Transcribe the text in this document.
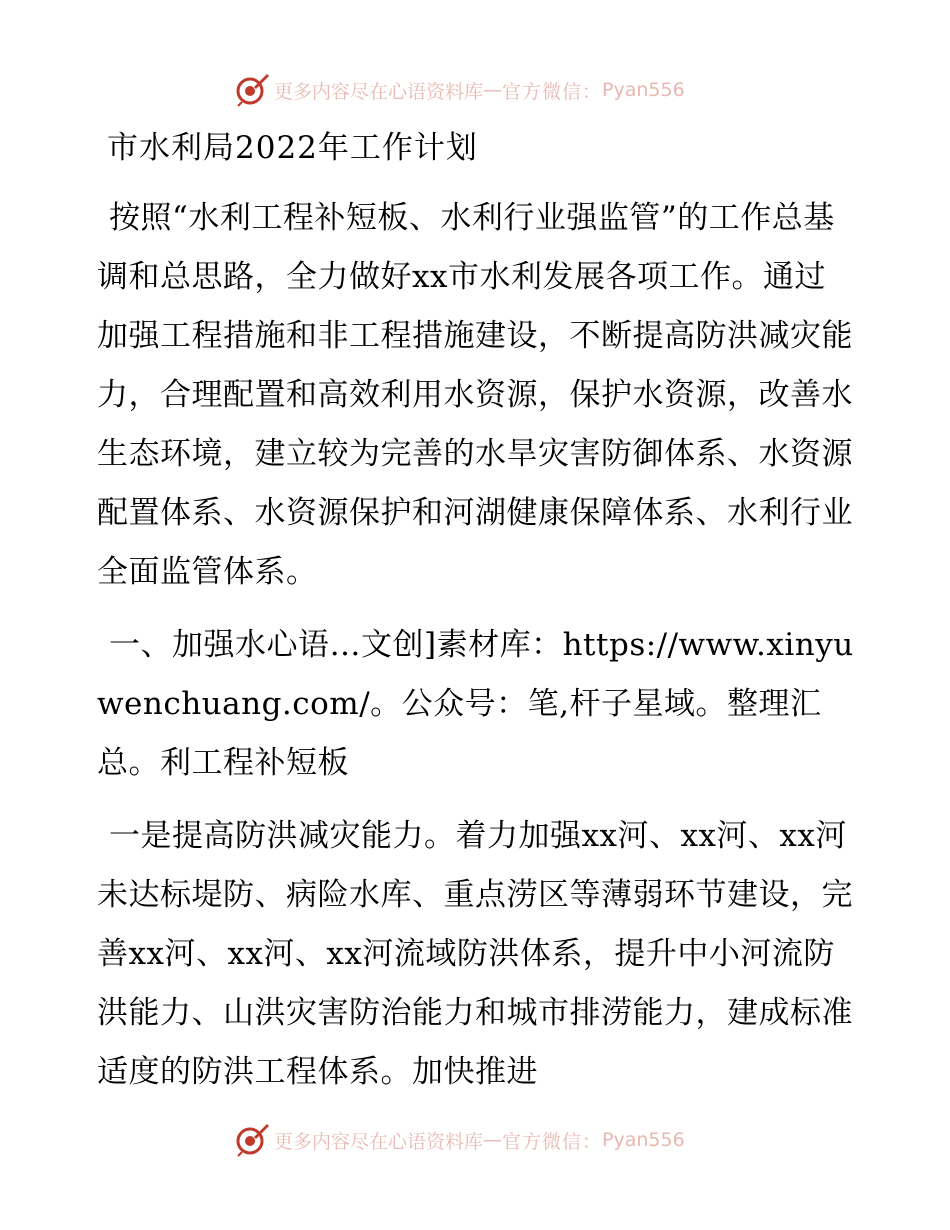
更多内容尽在心语资料库 — 官方微信： Pyan556
市水利局2022年工作计划

按照“水利工程补短板、水利行业强监管”的工作总基调和总思路，全力做好xx市水利发展各项工作。通过加强工程措施和非工程措施建设，不断提高防洪减灾能力，合理配置和高效利用水资源，保护水资源，改善水生态环境，建立较为完善的水旱灾害防御体系、水资源配置体系、水资源保护和河湖健康保障体系、水利行业全面监管体系。

一、加强水心语…文创]素材库：https://www.xinyuwenchuang.com/。公众号：笔,杆子星域。整理汇总。利工程补短板

一是提高防洪减灾能力。着力加强xx河、xx河、xx河未达标堤防、病险水库、重点涝区等薄弱环节建设，完善xx河、xx河、xx河流域防洪体系，提升中小河流防洪能力、山洪灾害防治能力和城市排涝能力，建成标准适度的防洪工程体系。加快推进

更多内容尽在心语资料库 — 官方微信： Pyan556
